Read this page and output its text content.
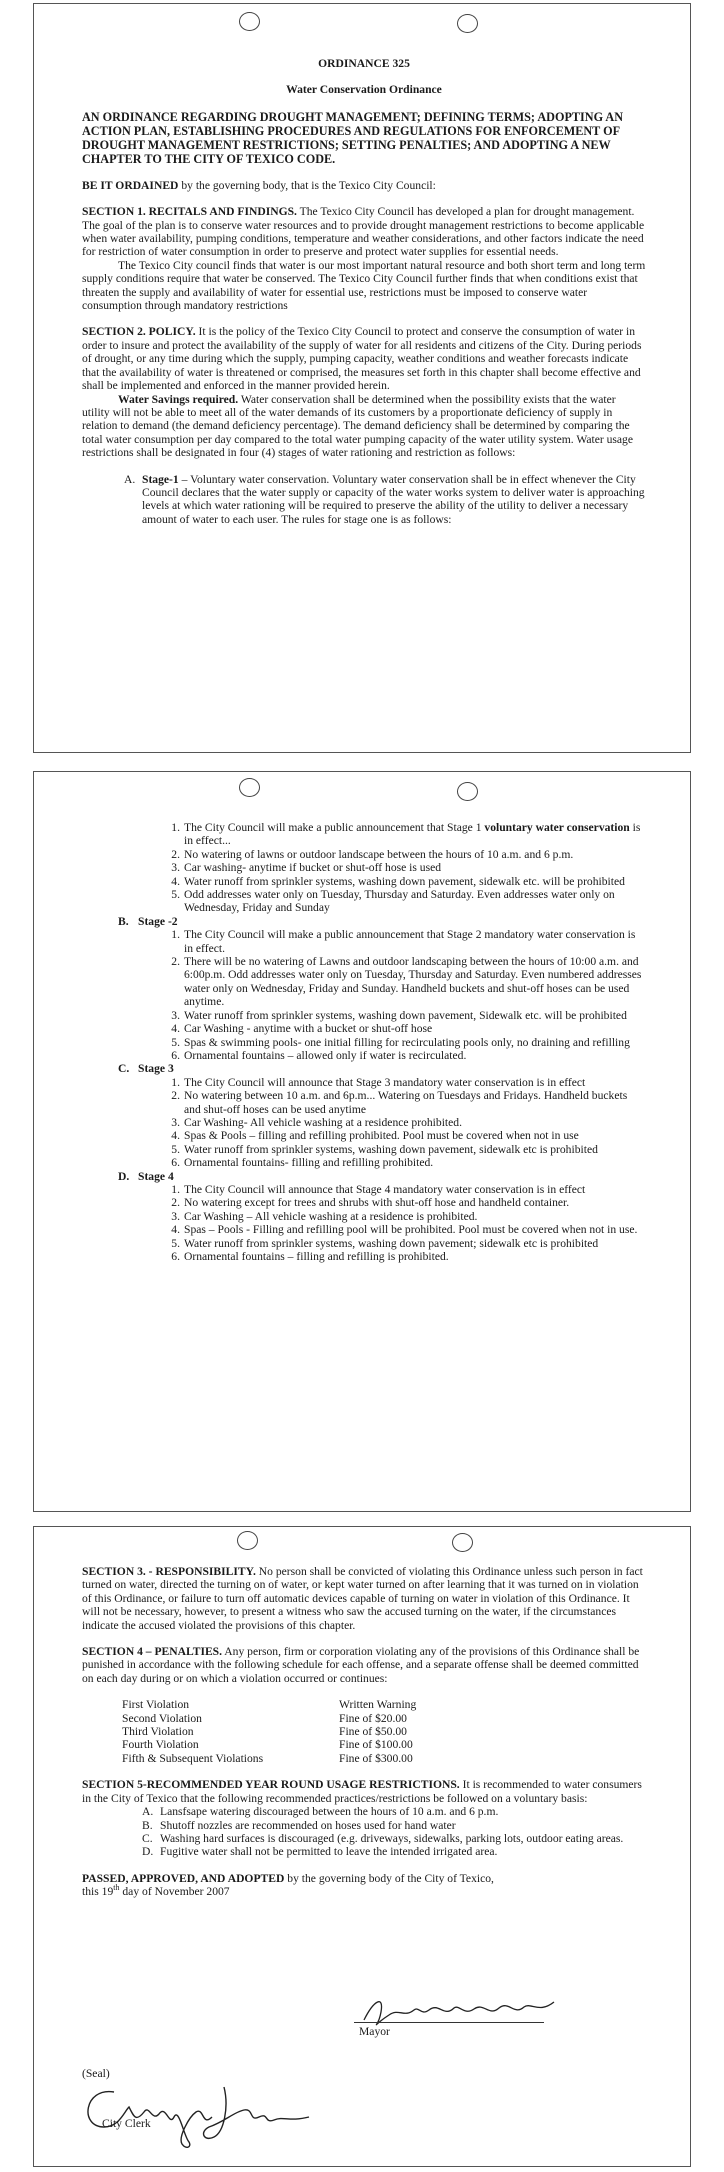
ORDINANCE 325

Water Conservation Ordinance

AN ORDINANCE REGARDING DROUGHT MANAGEMENT; DEFINING TERMS; ADOPTING AN ACTION PLAN, ESTABLISHING PROCEDURES AND REGULATIONS FOR ENFORCEMENT OF DROUGHT MANAGEMENT RESTRICTIONS; SETTING PENALTIES; AND ADOPTING A NEW CHAPTER TO THE CITY OF TEXICO CODE.

BE IT ORDAINED by the governing body, that is the Texico City Council:

SECTION 1. RECITALS AND FINDINGS. The Texico City Council has developed a plan for drought management. The goal of the plan is to conserve water resources and to provide drought management restrictions to become applicable when water availability, pumping conditions, temperature and weather considerations, and other factors indicate the need for restriction of water consumption in order to preserve and protect water supplies for essential needs.

The Texico City council finds that water is our most important natural resource and both short term and long term supply conditions require that water be conserved. The Texico City Council further finds that when conditions exist that threaten the supply and availability of water for essential use, restrictions must be imposed to conserve water consumption through mandatory restrictions

SECTION 2. POLICY. It is the policy of the Texico City Council to protect and conserve the consumption of water in order to insure and protect the availability of the supply of water for all residents and citizens of the City. During periods of drought, or any time during which the supply, pumping capacity, weather conditions and weather forecasts indicate that the availability of water is threatened or comprised, the measures set forth in this chapter shall become effective and shall be implemented and enforced in the manner provided herein.

Water Savings required. Water conservation shall be determined when the possibility exists that the water utility will not be able to meet all of the water demands of its customers by a proportionate deficiency of supply in relation to demand (the demand deficiency percentage). The demand deficiency shall be determined by comparing the total water consumption per day compared to the total water pumping capacity of the water utility system. Water usage restrictions shall be designated in four (4) stages of water rationing and restriction as follows:

A. Stage-1 – Voluntary water conservation. Voluntary water conservation shall be in effect whenever the City Council declares that the water supply or capacity of the water works system to deliver water is approaching levels at which water rationing will be required to preserve the ability of the utility to deliver a necessary amount of water to each user. The rules for stage one is as follows:

1. The City Council will make a public announcement that Stage 1 voluntary water conservation is in effect...
2. No watering of lawns or outdoor landscape between the hours of 10 a.m. and 6 p.m.
3. Car washing- anytime if bucket or shut-off hose is used
4. Water runoff from sprinkler systems, washing down pavement, sidewalk etc. will be prohibited
5. Odd addresses water only on Tuesday, Thursday and Saturday. Even addresses water only on Wednesday, Friday and Sunday

B. Stage -2

1. The City Council will make a public announcement that Stage 2 mandatory water conservation is in effect.
2. There will be no watering of Lawns and outdoor landscaping between the hours of 10:00 a.m. and 6:00p.m. Odd addresses water only on Tuesday, Thursday and Saturday. Even numbered addresses water only on Wednesday, Friday and Sunday. Handheld buckets and shut-off hoses can be used anytime.
3. Water runoff from sprinkler systems, washing down pavement, Sidewalk etc. will be prohibited
4. Car Washing - anytime with a bucket or shut-off hose
5. Spas & swimming pools- one initial filling for recirculating pools only, no draining and refilling
6. Ornamental fountains – allowed only if water is recirculated.

C. Stage 3

1. The City Council will announce that Stage 3 mandatory water conservation is in effect
2. No watering between 10 a.m. and 6p.m... Watering on Tuesdays and Fridays. Handheld buckets and shut-off hoses can be used anytime
3. Car Washing- All vehicle washing at a residence prohibited.
4. Spas & Pools – filling and refilling prohibited. Pool must be covered when not in use
5. Water runoff from sprinkler systems, washing down pavement, sidewalk etc is prohibited
6. Ornamental fountains- filling and refilling prohibited.

D. Stage 4

1. The City Council will announce that Stage 4 mandatory water conservation is in effect
2. No watering except for trees and shrubs with shut-off hose and handheld container.
3. Car Washing – All vehicle washing at a residence is prohibited.
4. Spas – Pools - Filling and refilling pool will be prohibited. Pool must be covered when not in use.
5. Water runoff from sprinkler systems, washing down pavement; sidewalk etc is prohibited
6. Ornamental fountains – filling and refilling is prohibited.

SECTION 3. - RESPONSIBILITY. No person shall be convicted of violating this Ordinance unless such person in fact turned on water, directed the turning on of water, or kept water turned on after learning that it was turned on in violation of this Ordinance, or failure to turn off automatic devices capable of turning on water in violation of this Ordinance. It will not be necessary, however, to present a witness who saw the accused turning on the water, if the circumstances indicate the accused violated the provisions of this chapter.

SECTION 4 – PENALTIES. Any person, firm or corporation violating any of the provisions of this Ordinance shall be punished in accordance with the following schedule for each offense, and a separate offense shall be deemed committed on each day during or on which a violation occurred or continues:

First Violation	Written Warning
Second Violation	Fine of $20.00
Third Violation	Fine of $50.00
Fourth Violation	Fine of $100.00
Fifth & Subsequent Violations	Fine of $300.00

SECTION 5-RECOMMENDED YEAR ROUND USAGE RESTRICTIONS. It is recommended to water consumers in the City of Texico that the following recommended practices/restrictions be followed on a voluntary basis:

A. Lansfsape watering discouraged between the hours of 10 a.m. and 6 p.m.
B. Shutoff nozzles are recommended on hoses used for hand water
C. Washing hard surfaces is discouraged (e.g. driveways, sidewalks, parking lots, outdoor eating areas.
D. Fugitive water shall not be permitted to leave the intended irrigated area.

PASSED, APPROVED, AND ADOPTED by the governing body of the City of Texico,

this 19th day of November 2007

Mayor
(Seal)
City Clerk
